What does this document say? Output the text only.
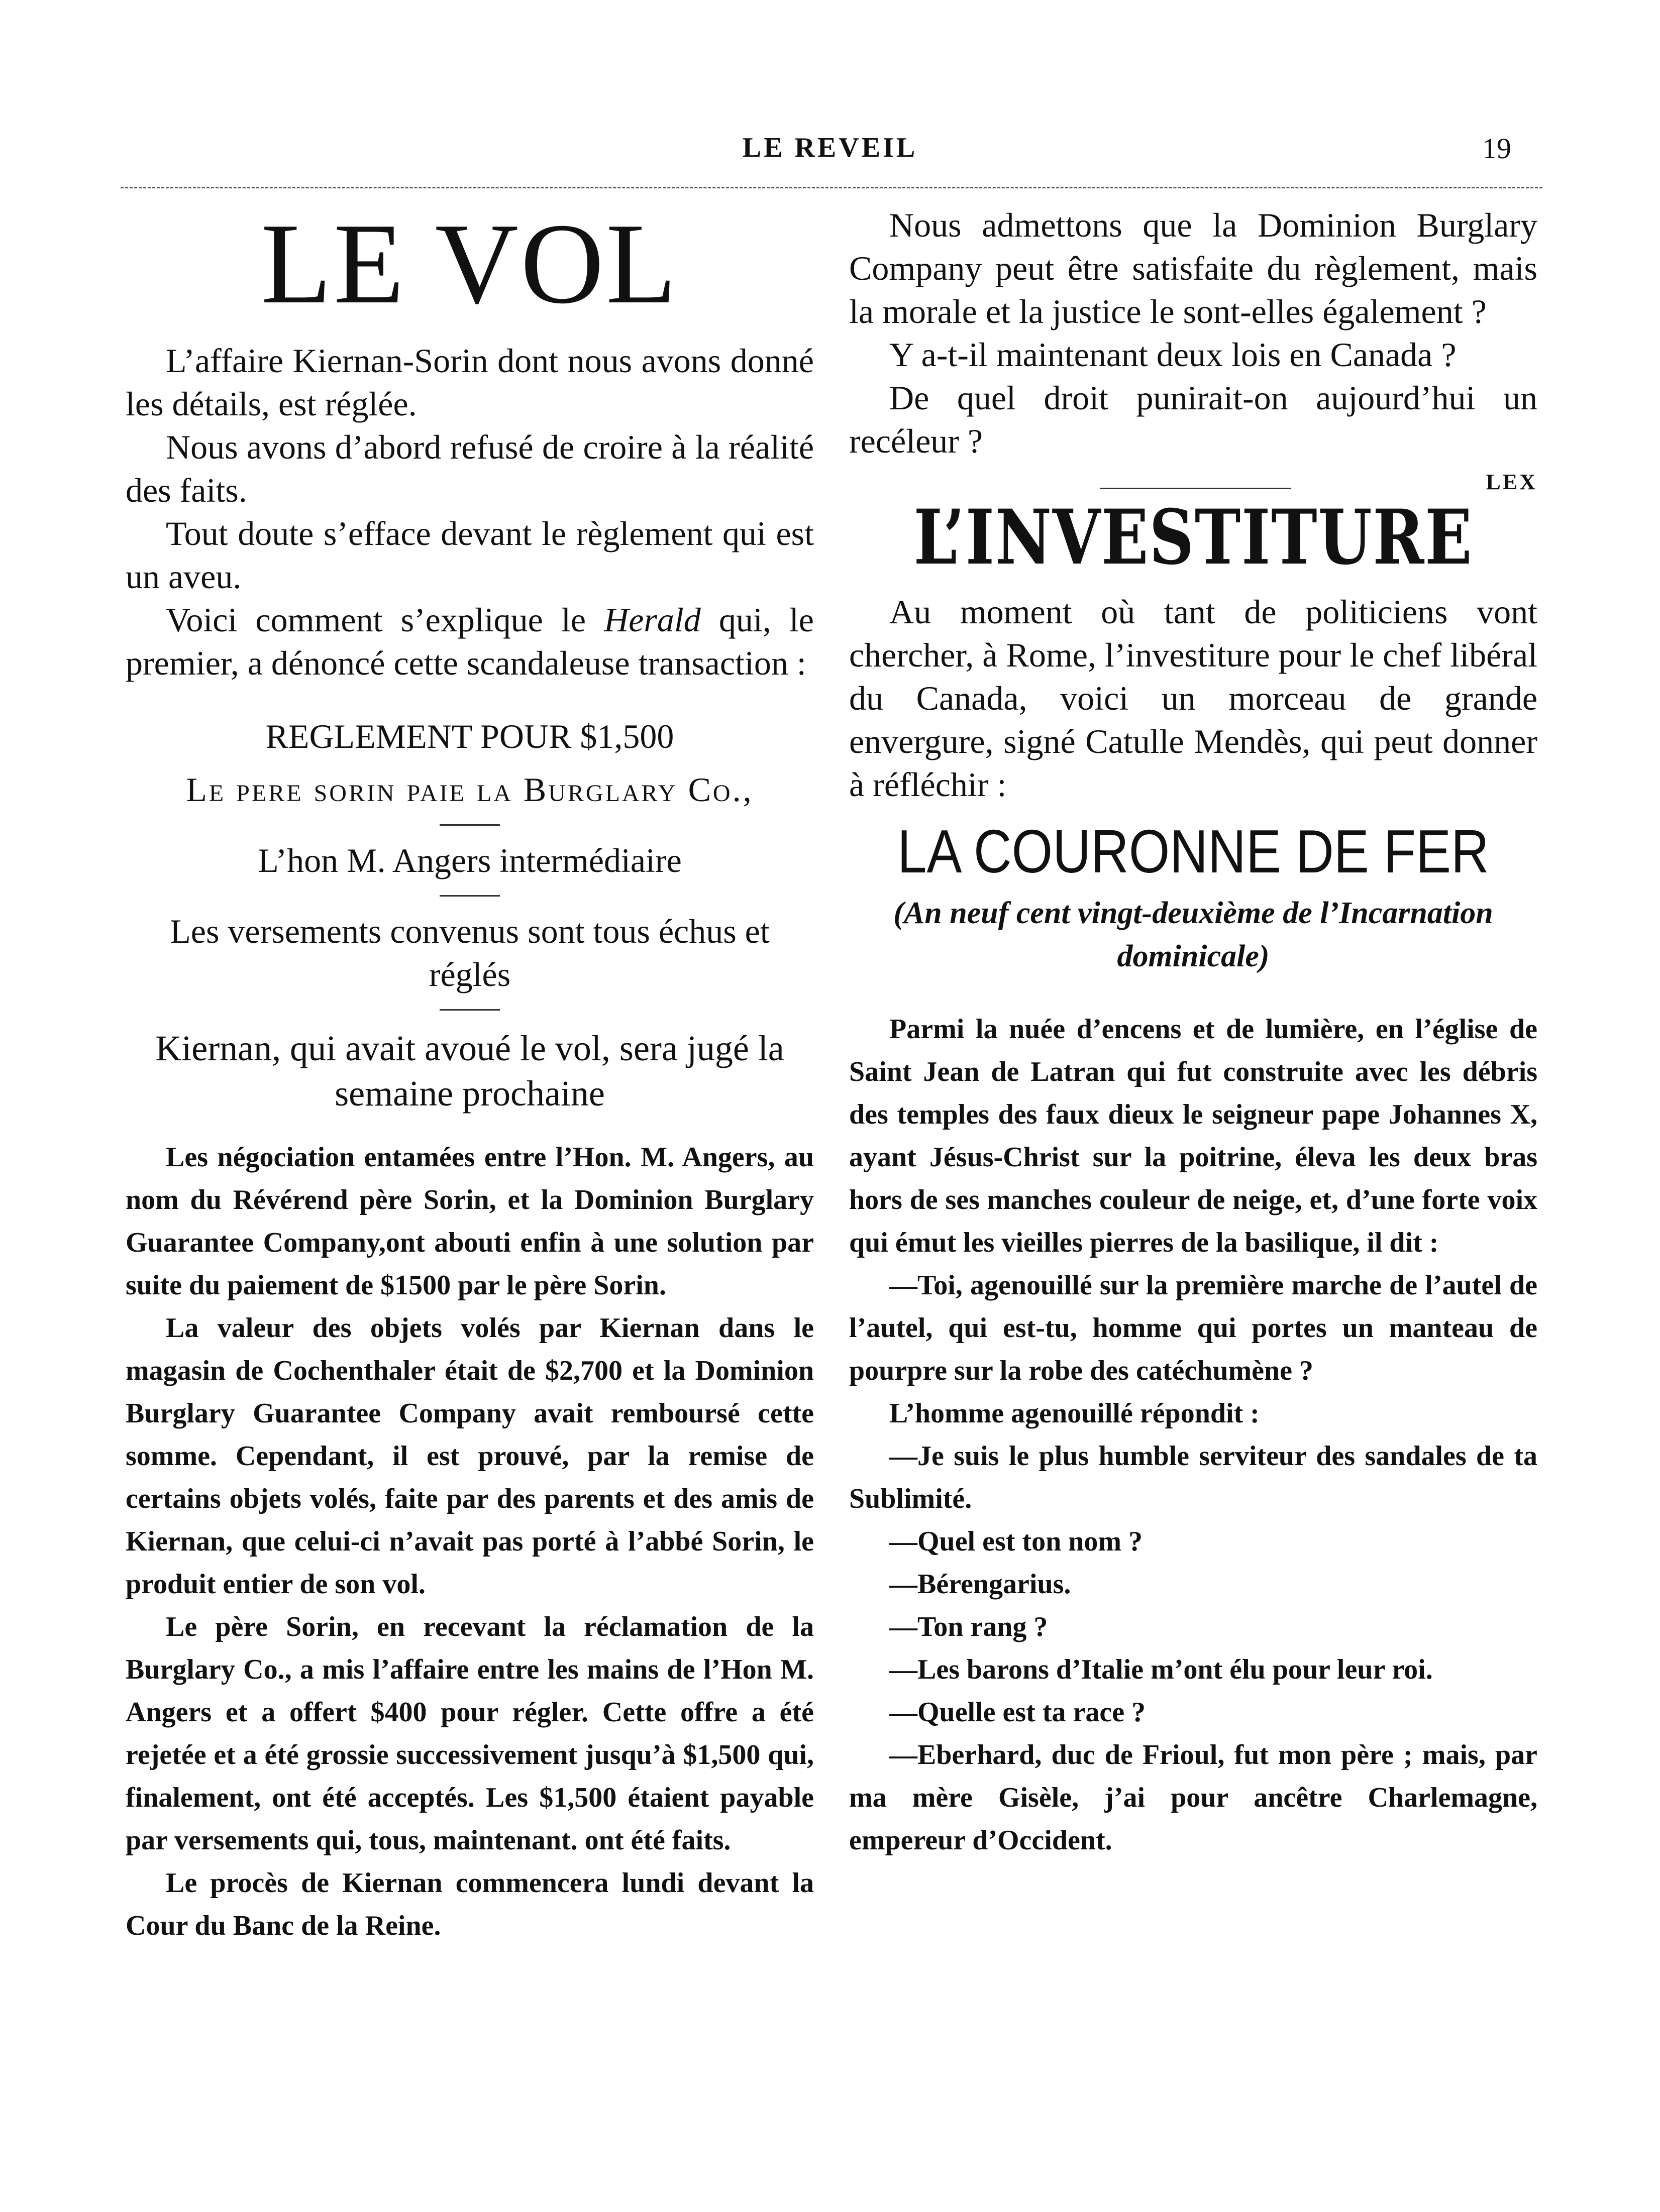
LE REVEIL	19
LE VOL

L’affaire Kiernan-Sorin dont nous avons donné les détails, est réglée.

Nous avons d’abord refusé de croire à la réalité des faits.

Tout doute s’efface devant le règlement qui est un aveu.

Voici comment s’explique le Herald qui, le premier, a dénoncé cette scandaleuse transaction :

REGLEMENT POUR $1,500
Le pere sorin paie la Burglary Co.,
L’hon M. Angers intermédiaire
Les versements convenus sont tous échus et réglés
Kiernan, qui avait avoué le vol, sera jugé la semaine prochaine

Les négociation entamées entre l’Hon. M. Angers, au nom du Révérend père Sorin, et la Dominion Burglary Guarantee Company,ont abouti enfin à une solution par suite du paiement de $1500 par le père Sorin.

La valeur des objets volés par Kiernan dans le magasin de Cochenthaler était de $2,700 et la Dominion Burglary Guarantee Company avait remboursé cette somme. Cependant, il est prouvé, par la remise de certains objets volés, faite par des parents et des amis de Kiernan, que celui-ci n’avait pas porté à l’abbé Sorin, le produit entier de son vol.

Le père Sorin, en recevant la réclamation de la Burglary Co., a mis l’affaire entre les mains de l’Hon M. Angers et a offert $400 pour régler. Cette offre a été rejetée et a été grossie successivement jusqu’à $1,500 qui, finalement, ont été acceptés. Les $1,500 étaient payable par versements qui, tous, maintenant. ont été faits.

Le procès de Kiernan commencera lundi devant la Cour du Banc de la Reine.

Nous admettons que la Dominion Burglary Company peut être satisfaite du règlement, mais la morale et la justice le sont-elles également ?

Y a-t-il maintenant deux lois en Canada ?

De quel droit punirait-on aujourd’hui un recéleur ?

LEX
L’INVESTITURE

Au moment où tant de politiciens vont chercher, à Rome, l’investiture pour le chef libéral du Canada, voici un morceau de grande envergure, signé Catulle Mendès, qui peut donner à réfléchir :

LA COURONNE DE FER
(An neuf cent vingt-deuxième de l’Incarnation dominicale)

Parmi la nuée d’encens et de lumière, en l’église de Saint Jean de Latran qui fut construite avec les débris des temples des faux dieux le seigneur pape Johannes X, ayant Jésus-Christ sur la poitrine, éleva les deux bras hors de ses manches couleur de neige, et, d’une forte voix qui émut les vieilles pierres de la basilique, il dit :

—Toi, agenouillé sur la première marche de l’autel de l’autel, qui est-tu, homme qui portes un manteau de pourpre sur la robe des catéchumène ?

L’homme agenouillé répondit :

—Je suis le plus humble serviteur des sandales de ta Sublimité.

—Quel est ton nom ?

—Bérengarius.

—Ton rang ?

—Les barons d’Italie m’ont élu pour leur roi.

—Quelle est ta race ?

—Eberhard, duc de Frioul, fut mon père ; mais, par ma mère Gisèle, j’ai pour ancêtre Charlemagne, empereur d’Occident.
